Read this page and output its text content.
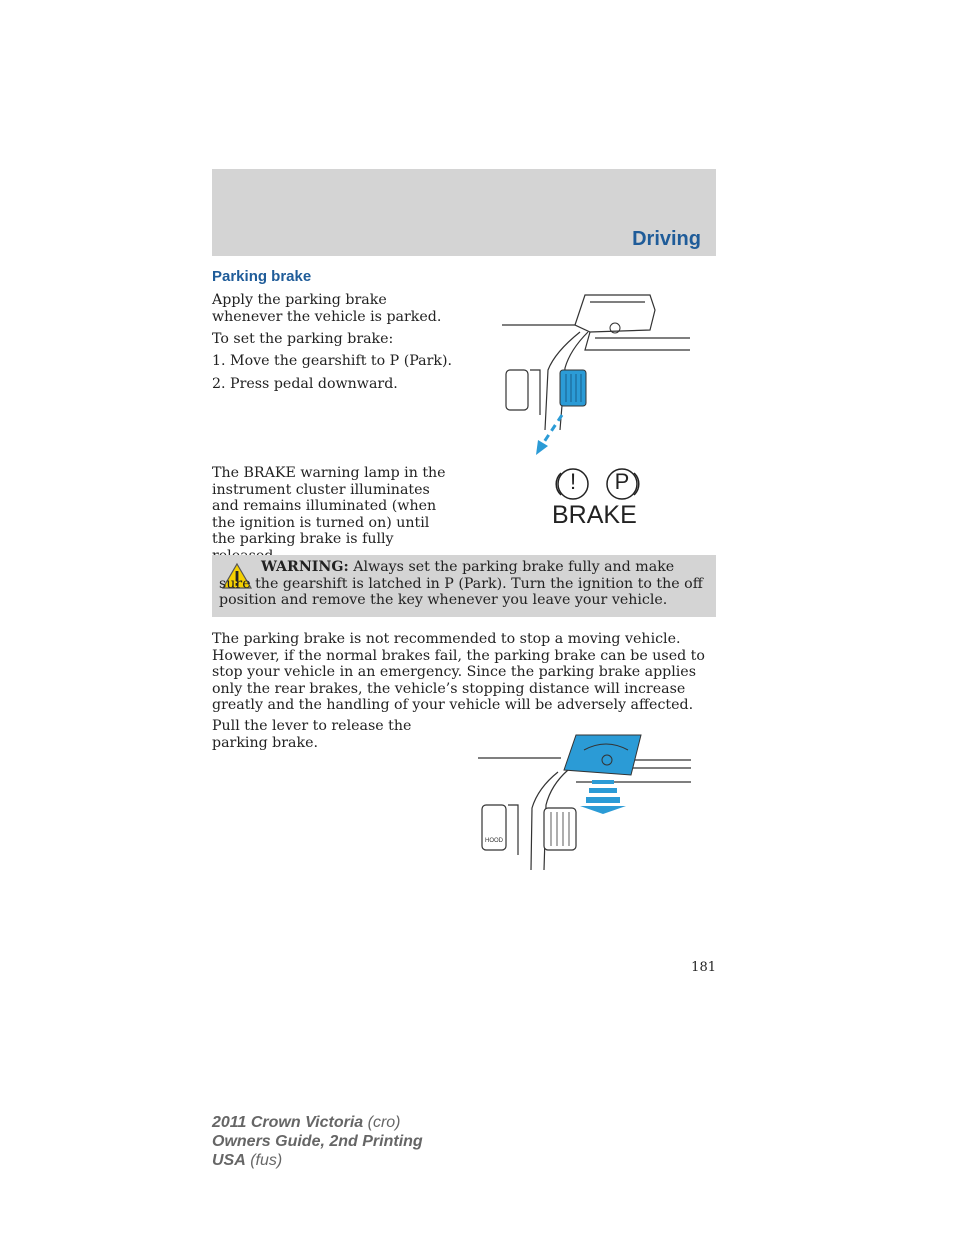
Driving
Parking brake

Apply the parking brake whenever the vehicle is parked.

To set the parking brake:

1. Move the gearshift to P (Park).

2. Press pedal downward.

The BRAKE warning lamp in the instrument cluster illuminates and remains illuminated (when the ignition is turned on) until the parking brake is fully

! P
BRAKE
WARNING: Always set the parking brake fully and make sure the gearshift is latched in P (Park). Turn the ignition to the off position and remove the key whenever you leave your vehicle.

The parking brake is not recommended to stop a moving vehicle. However, if the normal brakes fail, the parking brake can be used to stop your vehicle in an emergency. Since the parking brake applies only the rear brakes, the vehicle’s stopping distance will increase greatly and the handling of your vehicle will be adversely affected.

Pull the lever to release the parking brake.

HOOD
181
2011 Crown Victoria (cro)
Owners Guide, 2nd Printing
USA (fus)
